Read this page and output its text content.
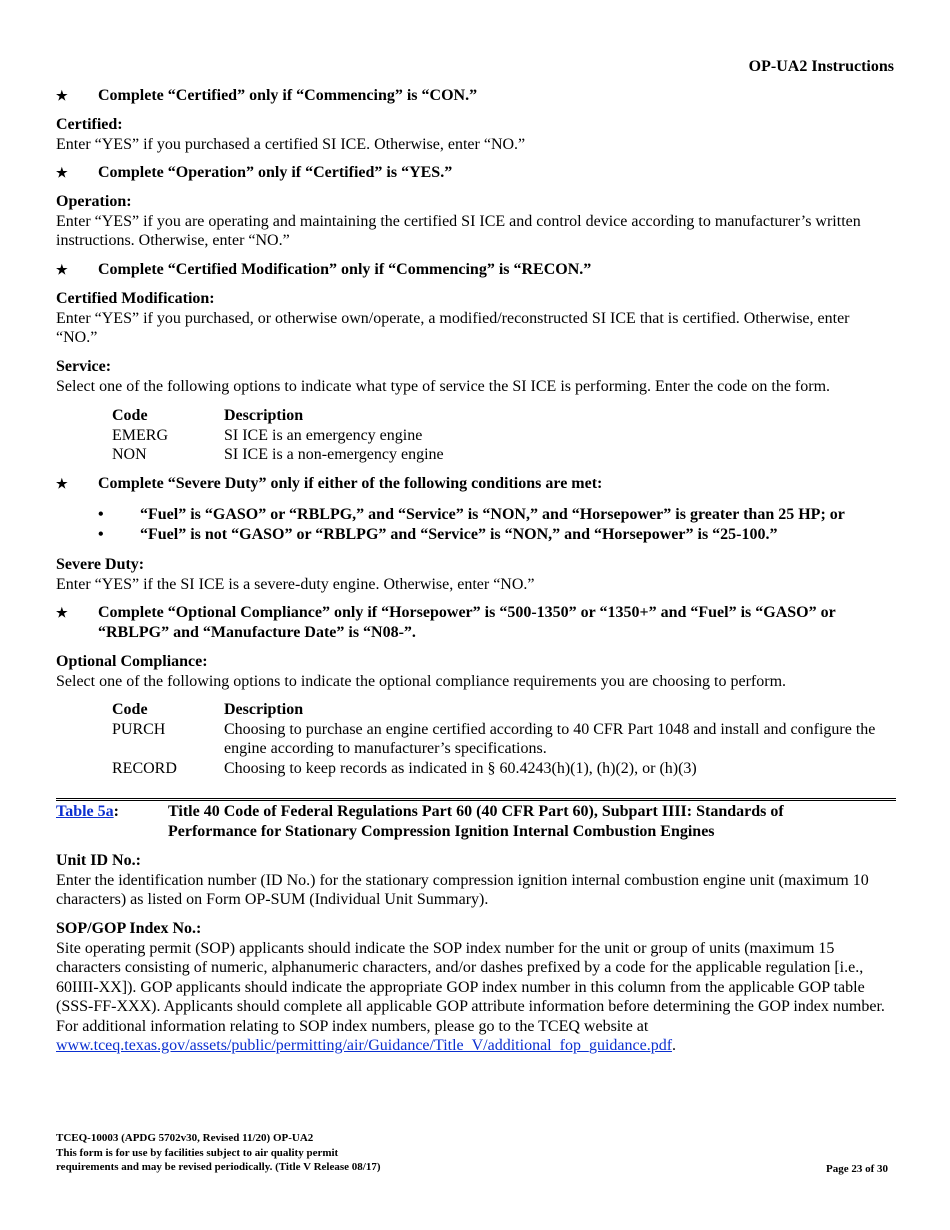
OP-UA2 Instructions
★ Complete “Certified” only if “Commencing” is “CON.”
Certified:
Enter “YES” if you purchased a certified SI ICE. Otherwise, enter “NO.”
★ Complete “Operation” only if “Certified” is “YES.”
Operation:
Enter “YES” if you are operating and maintaining the certified SI ICE and control device according to manufacturer’s written instructions. Otherwise, enter “NO.”
★ Complete “Certified Modification” only if “Commencing” is “RECON.”
Certified Modification:
Enter “YES” if you purchased, or otherwise own/operate, a modified/reconstructed SI ICE that is certified. Otherwise, enter “NO.”
Service:
Select one of the following options to indicate what type of service the SI ICE is performing. Enter the code on the form.
Code	Description
EMERG	SI ICE is an emergency engine
NON	SI ICE is a non-emergency engine
★ Complete “Severe Duty” only if either of the following conditions are met:
• “Fuel” is “GASO” or “RBLPG,” and “Service” is “NON,” and “Horsepower” is greater than 25 HP; or
• “Fuel” is not “GASO” or “RBLPG” and “Service” is “NON,” and “Horsepower” is “25-100.”
Severe Duty:
Enter “YES” if the SI ICE is a severe-duty engine. Otherwise, enter “NO.”
★ Complete “Optional Compliance” only if “Horsepower” is “500-1350” or “1350+” and “Fuel” is “GASO” or “RBLPG” and “Manufacture Date” is “N08-”.
Optional Compliance:
Select one of the following options to indicate the optional compliance requirements you are choosing to perform.
Code	Description
PURCH	Choosing to purchase an engine certified according to 40 CFR Part 1048 and install and configure the engine according to manufacturer’s specifications.
RECORD	Choosing to keep records as indicated in § 60.4243(h)(1), (h)(2), or (h)(3)
Table 5a:	Title 40 Code of Federal Regulations Part 60 (40 CFR Part 60), Subpart IIII: Standards of Performance for Stationary Compression Ignition Internal Combustion Engines
Unit ID No.:
Enter the identification number (ID No.) for the stationary compression ignition internal combustion engine unit (maximum 10 characters) as listed on Form OP-SUM (Individual Unit Summary).
SOP/GOP Index No.:
Site operating permit (SOP) applicants should indicate the SOP index number for the unit or group of units (maximum 15 characters consisting of numeric, alphanumeric characters, and/or dashes prefixed by a code for the applicable regulation [i.e., 60IIII-XX]). GOP applicants should indicate the appropriate GOP index number in this column from the applicable GOP table (SSS-FF-XXX). Applicants should complete all applicable GOP attribute information before determining the GOP index number. For additional information relating to SOP index numbers, please go to the TCEQ website at www.tceq.texas.gov/assets/public/permitting/air/Guidance/Title_V/additional_fop_guidance.pdf.
TCEQ-10003 (APDG 5702v30, Revised 11/20) OP-UA2
This form is for use by facilities subject to air quality permit
requirements and may be revised periodically. (Title V Release 08/17)	Page 23 of 30
